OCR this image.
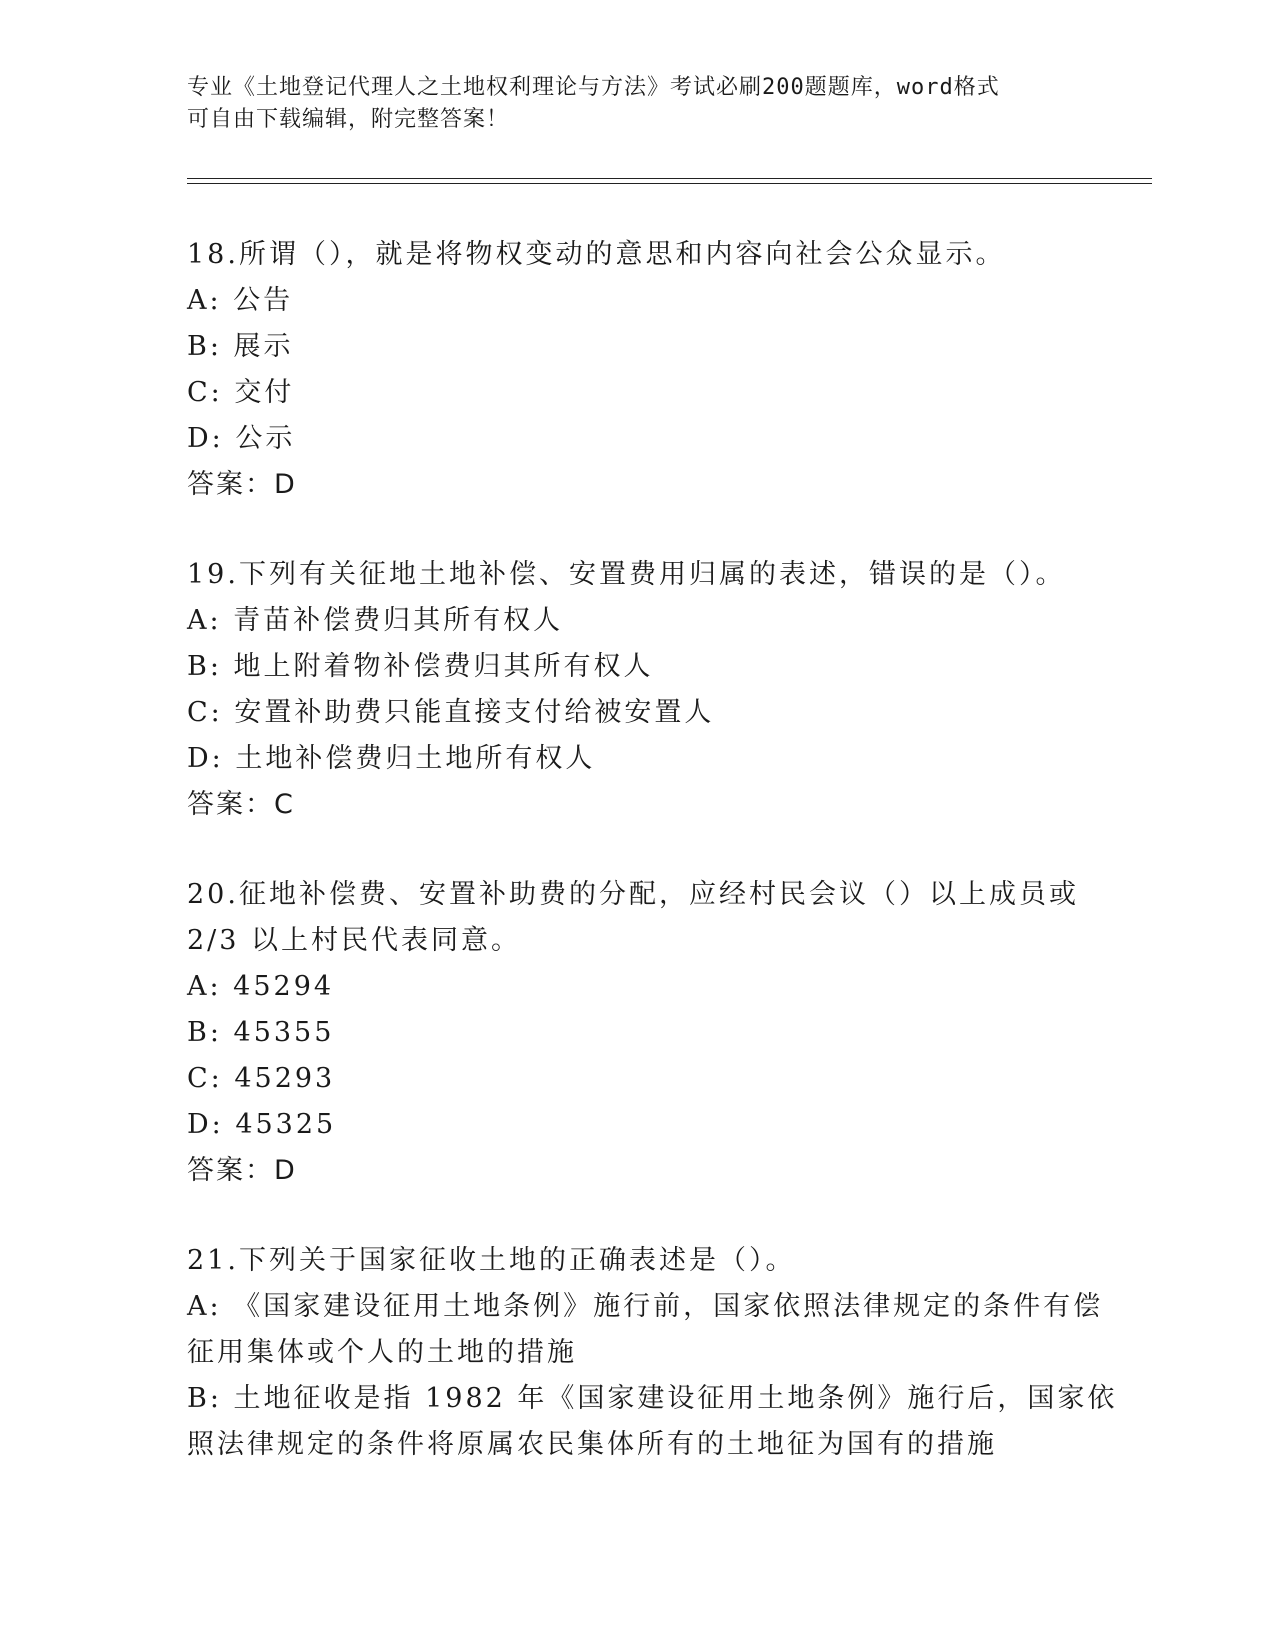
专业《土地登记代理人之土地权利理论与方法》考试必刷200题题库，word格式
可自由下载编辑，附完整答案！
18.所谓（），就是将物权变动的意思和内容向社会公众显示。
A: 公告
B: 展示
C: 交付
D: 公示
答案：D
19.下列有关征地土地补偿、安置费用归属的表述，错误的是（）。
A: 青苗补偿费归其所有权人
B: 地上附着物补偿费归其所有权人
C: 安置补助费只能直接支付给被安置人
D: 土地补偿费归土地所有权人
答案：C
20.征地补偿费、安置补助费的分配，应经村民会议（）以上成员或
2/3 以上村民代表同意。
A: 45294
B: 45355
C: 45293
D: 45325
答案：D
21.下列关于国家征收土地的正确表述是（）。
A: 《国家建设征用土地条例》施行前，国家依照法律规定的条件有偿
征用集体或个人的土地的措施
B: 土地征收是指 1982 年《国家建设征用土地条例》施行后，国家依
照法律规定的条件将原属农民集体所有的土地征为国有的措施
